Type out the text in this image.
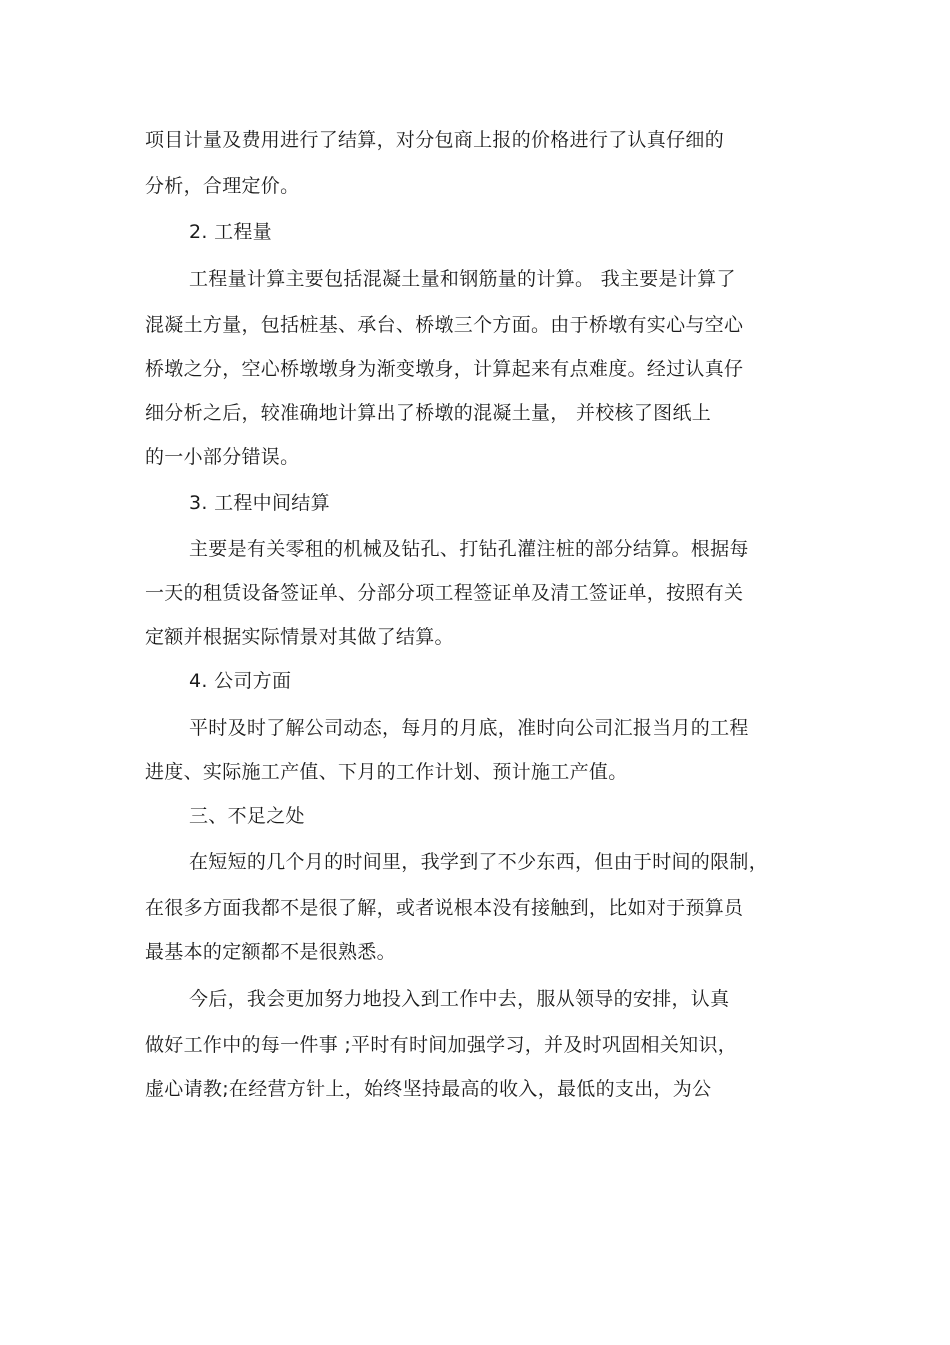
项目计量及费用进行了结算，对分包商上报的价格进行了认真仔细的
分析，合理定价。
2. 工程量
工程量计算主要包括混凝土量和钢筋量的计算。 我主要是计算了
混凝土方量，包括桩基、承台、桥墩三个方面。由于桥墩有实心与空心
桥墩之分，空心桥墩墩身为渐变墩身，计算起来有点难度。经过认真仔
细分析之后，较准确地计算出了桥墩的混凝土量， 并校核了图纸上
的一小部分错误。
3. 工程中间结算
主要是有关零租的机械及钻孔、打钻孔灌注桩的部分结算。根据每
一天的租赁设备签证单、分部分项工程签证单及清工签证单，按照有关
定额并根据实际情景对其做了结算。
4. 公司方面
平时及时了解公司动态，每月的月底，准时向公司汇报当月的工程
进度、实际施工产值、下月的工作计划、预计施工产值。
三、不足之处
在短短的几个月的时间里，我学到了不少东西，但由于时间的限制，
在很多方面我都不是很了解，或者说根本没有接触到，比如对于预算员
最基本的定额都不是很熟悉。
今后，我会更加努力地投入到工作中去，服从领导的安排，认真
做好工作中的每一件事 ;平时有时间加强学习，并及时巩固相关知识，
虚心请教;在经营方针上，始终坚持最高的收入，最低的支出，为公
